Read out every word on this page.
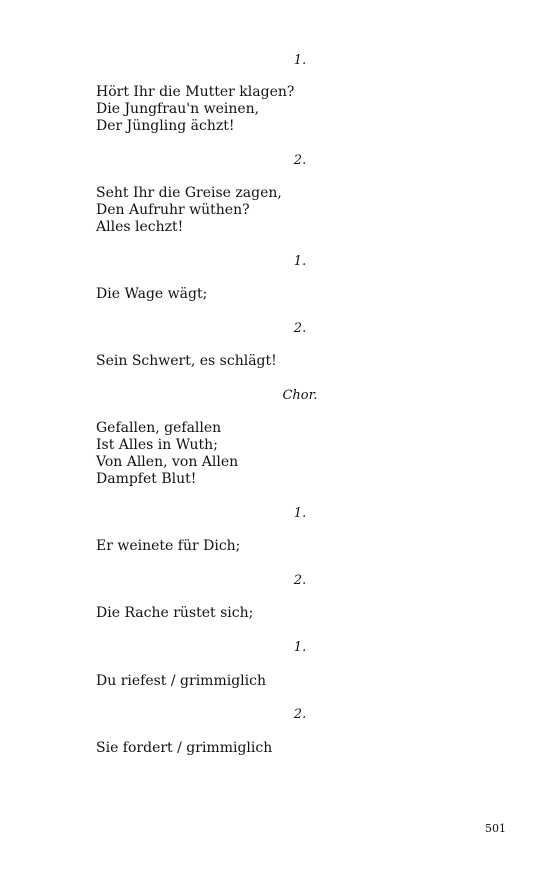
1.

Hört Ihr die Mutter klagen?
Die Jungfrau'n weinen,
Der Jüngling ächzt!

2.

Seht Ihr die Greise zagen,
Den Aufruhr wüthen?
Alles lechzt!

1.

Die Wage wägt;

2.

Sein Schwert, es schlägt!

Chor.

Gefallen, gefallen
Ist Alles in Wuth;
Von Allen, von Allen
Dampfet Blut!

1.

Er weinete für Dich;

2.

Die Rache rüstet sich;

1.

Du riefest / grimmiglich

2.

Sie fordert / grimmiglich

501
